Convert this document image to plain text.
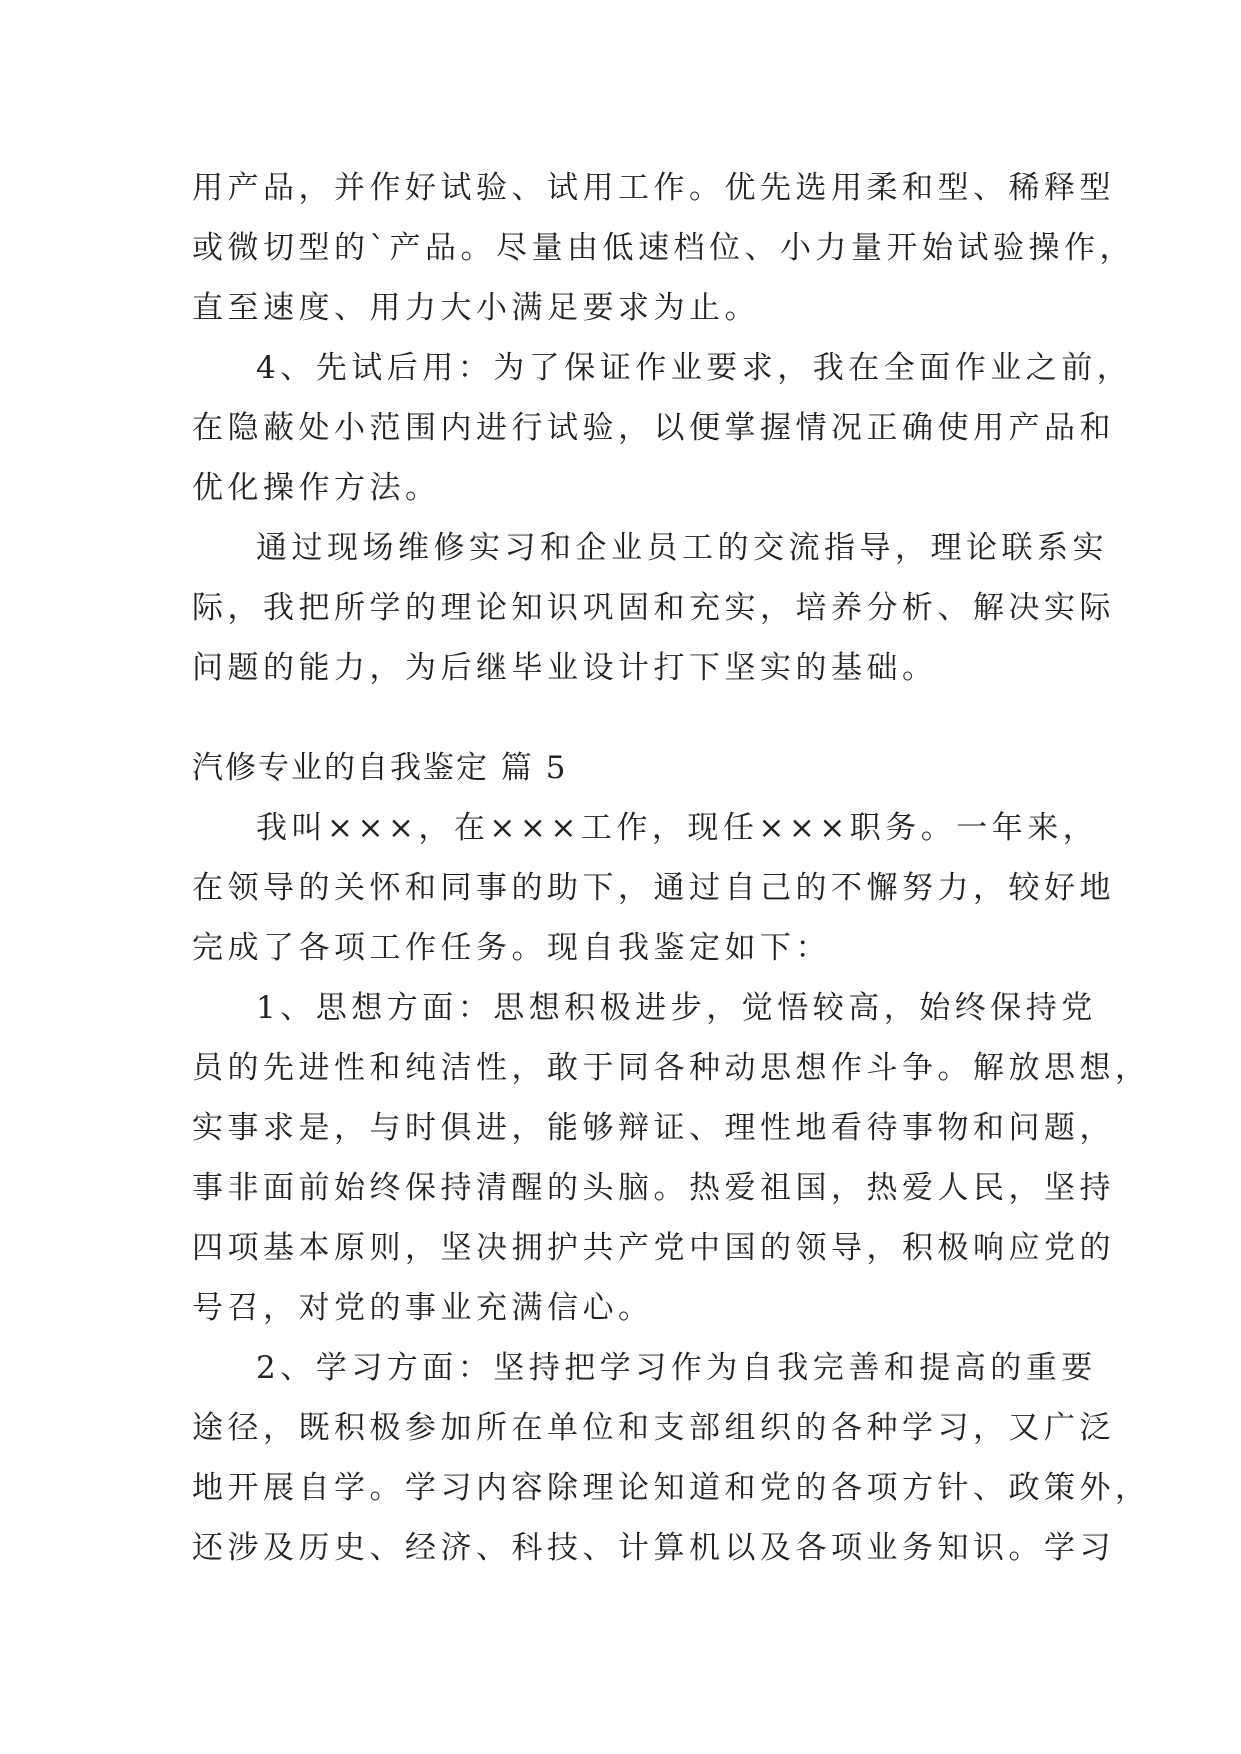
用产品，并作好试验、试用工作。优先选用柔和型、稀释型
或微切型的`产品。尽量由低速档位、小力量开始试验操作，
直至速度、用力大小满足要求为止。
4、先试后用：为了保证作业要求，我在全面作业之前，
在隐蔽处小范围内进行试验，以便掌握情况正确使用产品和
优化操作方法。
通过现场维修实习和企业员工的交流指导，理论联系实
际，我把所学的理论知识巩固和充实，培养分析、解决实际
问题的能力，为后继毕业设计打下坚实的基础。
汽修专业的自我鉴定 篇 5
我叫×××，在×××工作，现任×××职务。一年来，
在领导的关怀和同事的助下，通过自己的不懈努力，较好地
完成了各项工作任务。现自我鉴定如下：
1、思想方面：思想积极进步，觉悟较高，始终保持党
员的先进性和纯洁性，敢于同各种动思想作斗争。解放思想，
实事求是，与时俱进，能够辩证、理性地看待事物和问题，
事非面前始终保持清醒的头脑。热爱祖国，热爱人民，坚持
四项基本原则，坚决拥护共产党中国的领导，积极响应党的
号召，对党的事业充满信心。
2、学习方面：坚持把学习作为自我完善和提高的重要
途径，既积极参加所在单位和支部组织的各种学习，又广泛
地开展自学。学习内容除理论知道和党的各项方针、政策外，
还涉及历史、经济、科技、计算机以及各项业务知识。学习
